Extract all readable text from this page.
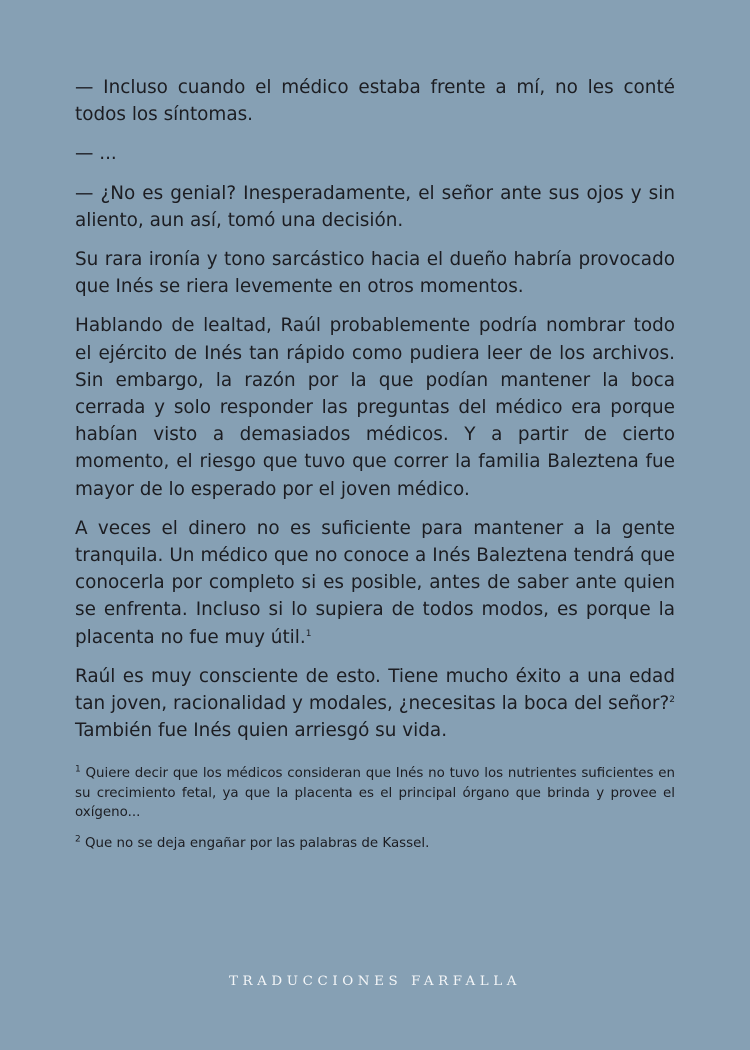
— Incluso cuando el médico estaba frente a mí, no les conté todos los síntomas.

— ...

— ¿No es genial? Inesperadamente, el señor ante sus ojos y sin aliento, aun así, tomó una decisión.

Su rara ironía y tono sarcástico hacia el dueño habría provocado que Inés se riera levemente en otros momentos.

Hablando de lealtad, Raúl probablemente podría nombrar todo el ejército de Inés tan rápido como pudiera leer de los archivos. Sin embargo, la razón por la que podían mantener la boca cerrada y solo responder las preguntas del médico era porque habían visto a demasiados médicos. Y a partir de cierto momento, el riesgo que tuvo que correr la familia Baleztena fue mayor de lo esperado por el joven médico.

A veces el dinero no es suficiente para mantener a la gente tranquila. Un médico que no conoce a Inés Baleztena tendrá que conocerla por completo si es posible, antes de saber ante quien se enfrenta. Incluso si lo supiera de todos modos, es porque la placenta no fue muy útil.$^1$

Raúl es muy consciente de esto. Tiene mucho éxito a una edad tan joven, racionalidad y modales, ¿necesitas la boca del señor?$^2$ También fue Inés quien arriesgó su vida.

$^1$ Quiere decir que los médicos consideran que Inés no tuvo los nutrientes suficientes en su crecimiento fetal, ya que la placenta es el principal órgano que brinda y provee el oxígeno...

$^2$ Que no se deja engañar por las palabras de Kassel.

TRADUCCIONES FARFALLA
